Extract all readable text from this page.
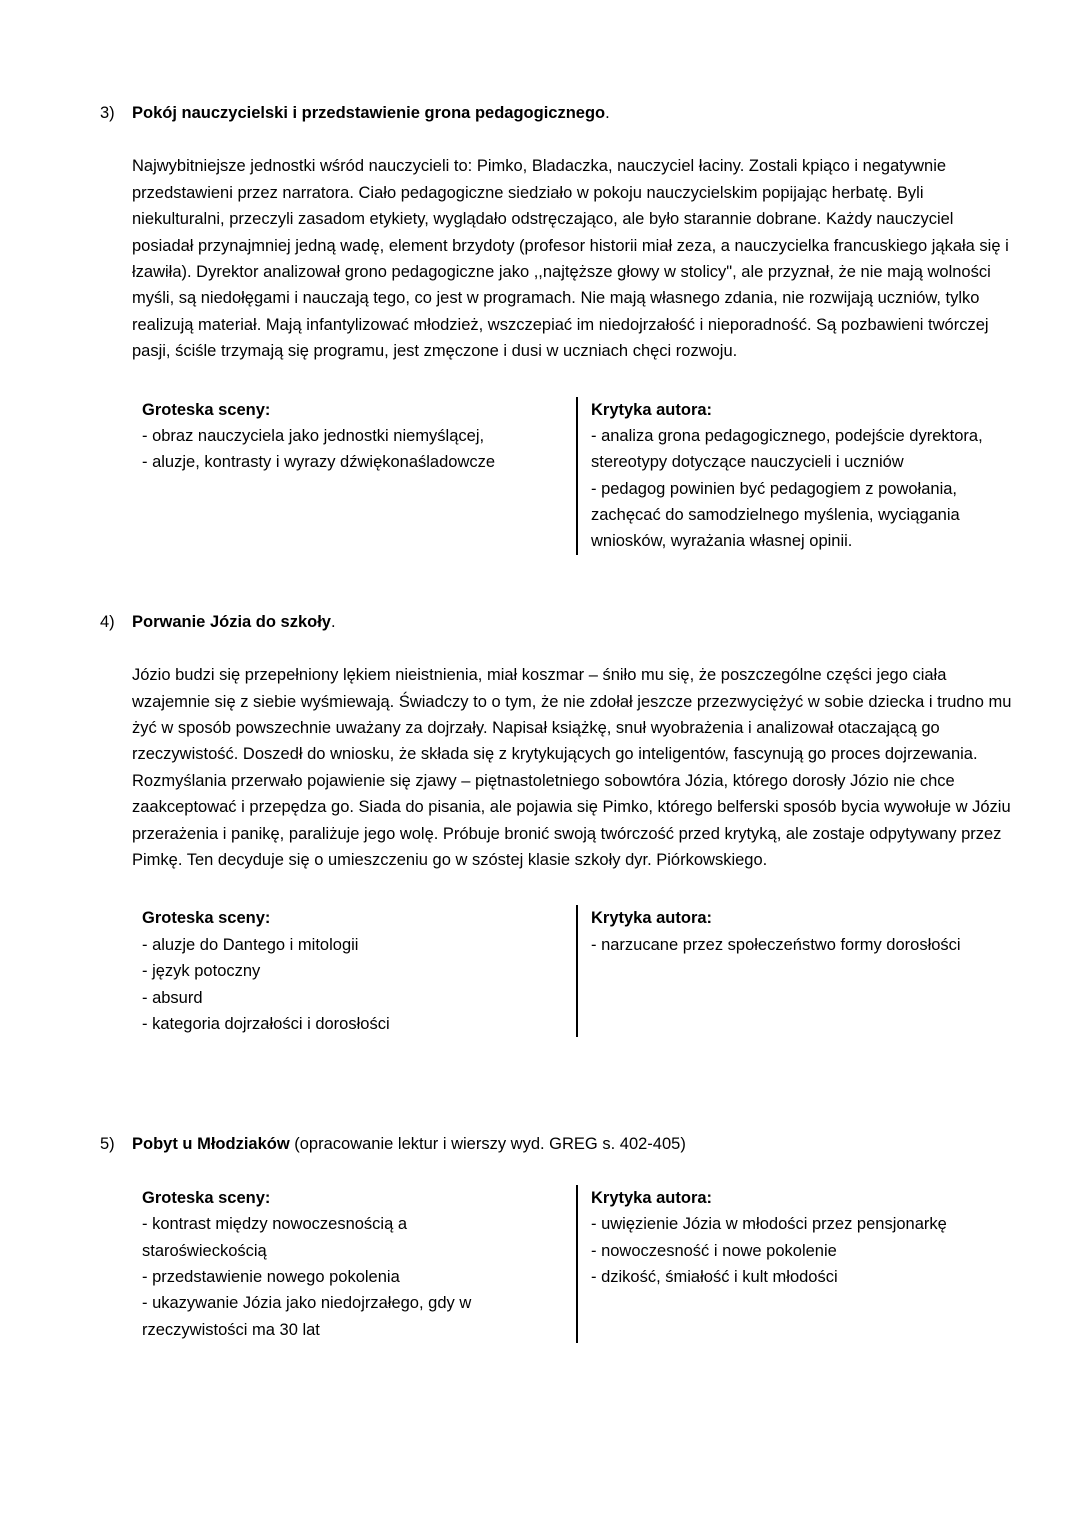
3)	Pokój nauczycielski i przedstawienie grona pedagogicznego.

Najwybitniejsze jednostki wśród nauczycieli to: Pimko, Bladaczka, nauczyciel łaciny. Zostali kpiąco i negatywnie przedstawieni przez narratora. Ciało pedagogiczne siedziało w pokoju nauczycielskim popijając herbatę. Byli niekulturalni, przeczyli zasadom etykiety, wyglądało odstręczająco, ale było starannie dobrane. Każdy nauczyciel posiadał przynajmniej jedną wadę, element brzydoty (profesor historii miał zeza, a nauczycielka francuskiego jąkała się i łzawiła). Dyrektor analizował grono pedagogiczne jako ,,najtęższe głowy w stolicy", ale przyznał, że nie mają wolności myśli, są niedołęgami i nauczają tego, co jest w programach. Nie mają własnego zdania, nie rozwijają uczniów, tylko realizują materiał. Mają infantylizować młodzież, wszczepiać im niedojrzałość i nieporadność. Są pozbawieni twórczej pasji, ściśle trzymają się programu, jest zmęczone i dusi w uczniach chęci rozwoju.

Groteska sceny:
- obraz nauczyciela jako jednostki niemyślącej,
- aluzje, kontrasty i wyrazy dźwiękonaśladowcze
Krytyka autora:
- analiza grona pedagogicznego, podejście dyrektora, stereotypy dotyczące nauczycieli i uczniów
- pedagog powinien być pedagogiem z powołania, zachęcać do samodzielnego myślenia, wyciągania wniosków, wyrażania własnej opinii.
4)	Porwanie Józia do szkoły.

Józio budzi się przepełniony lękiem nieistnienia, miał koszmar – śniło mu się, że poszczególne części jego ciała wzajemnie się z siebie wyśmiewają. Świadczy to o tym, że nie zdołał jeszcze przezwyciężyć w sobie dziecka i trudno mu żyć w sposób powszechnie uważany za dojrzały. Napisał książkę, snuł wyobrażenia i analizował otaczającą go rzeczywistość. Doszedł do wniosku, że składa się z krytykujących go inteligentów, fascynują go proces dojrzewania. Rozmyślania przerwało pojawienie się zjawy – piętnastoletniego sobowtóra Józia, którego dorosły Józio nie chce zaakceptować i przepędza go. Siada do pisania, ale pojawia się Pimko, którego belferski sposób bycia wywołuje w Józiu przerażenia i panikę, paraliżuje jego wolę. Próbuje bronić swoją twórczość przed krytyką, ale zostaje odpytywany przez Pimkę. Ten decyduje się o umieszczeniu go w szóstej klasie szkoły dyr. Piórkowskiego.

Groteska sceny:
- aluzje do Dantego i mitologii
- język potoczny
- absurd
- kategoria dojrzałości i dorosłości
Krytyka autora:
- narzucane przez społeczeństwo formy dorosłości
5)	Pobyt u Młodziaków (opracowanie lektur i wierszy wyd. GREG s. 402-405)
Groteska sceny:
- kontrast między nowoczesnością a staroświeckością
- przedstawienie nowego pokolenia
- ukazywanie Józia jako niedojrzałego, gdy w rzeczywistości ma 30 lat
Krytyka autora:
- uwięzienie Józia w młodości przez pensjonarkę
- nowoczesność i nowe pokolenie
- dzikość, śmiałość i kult młodości
